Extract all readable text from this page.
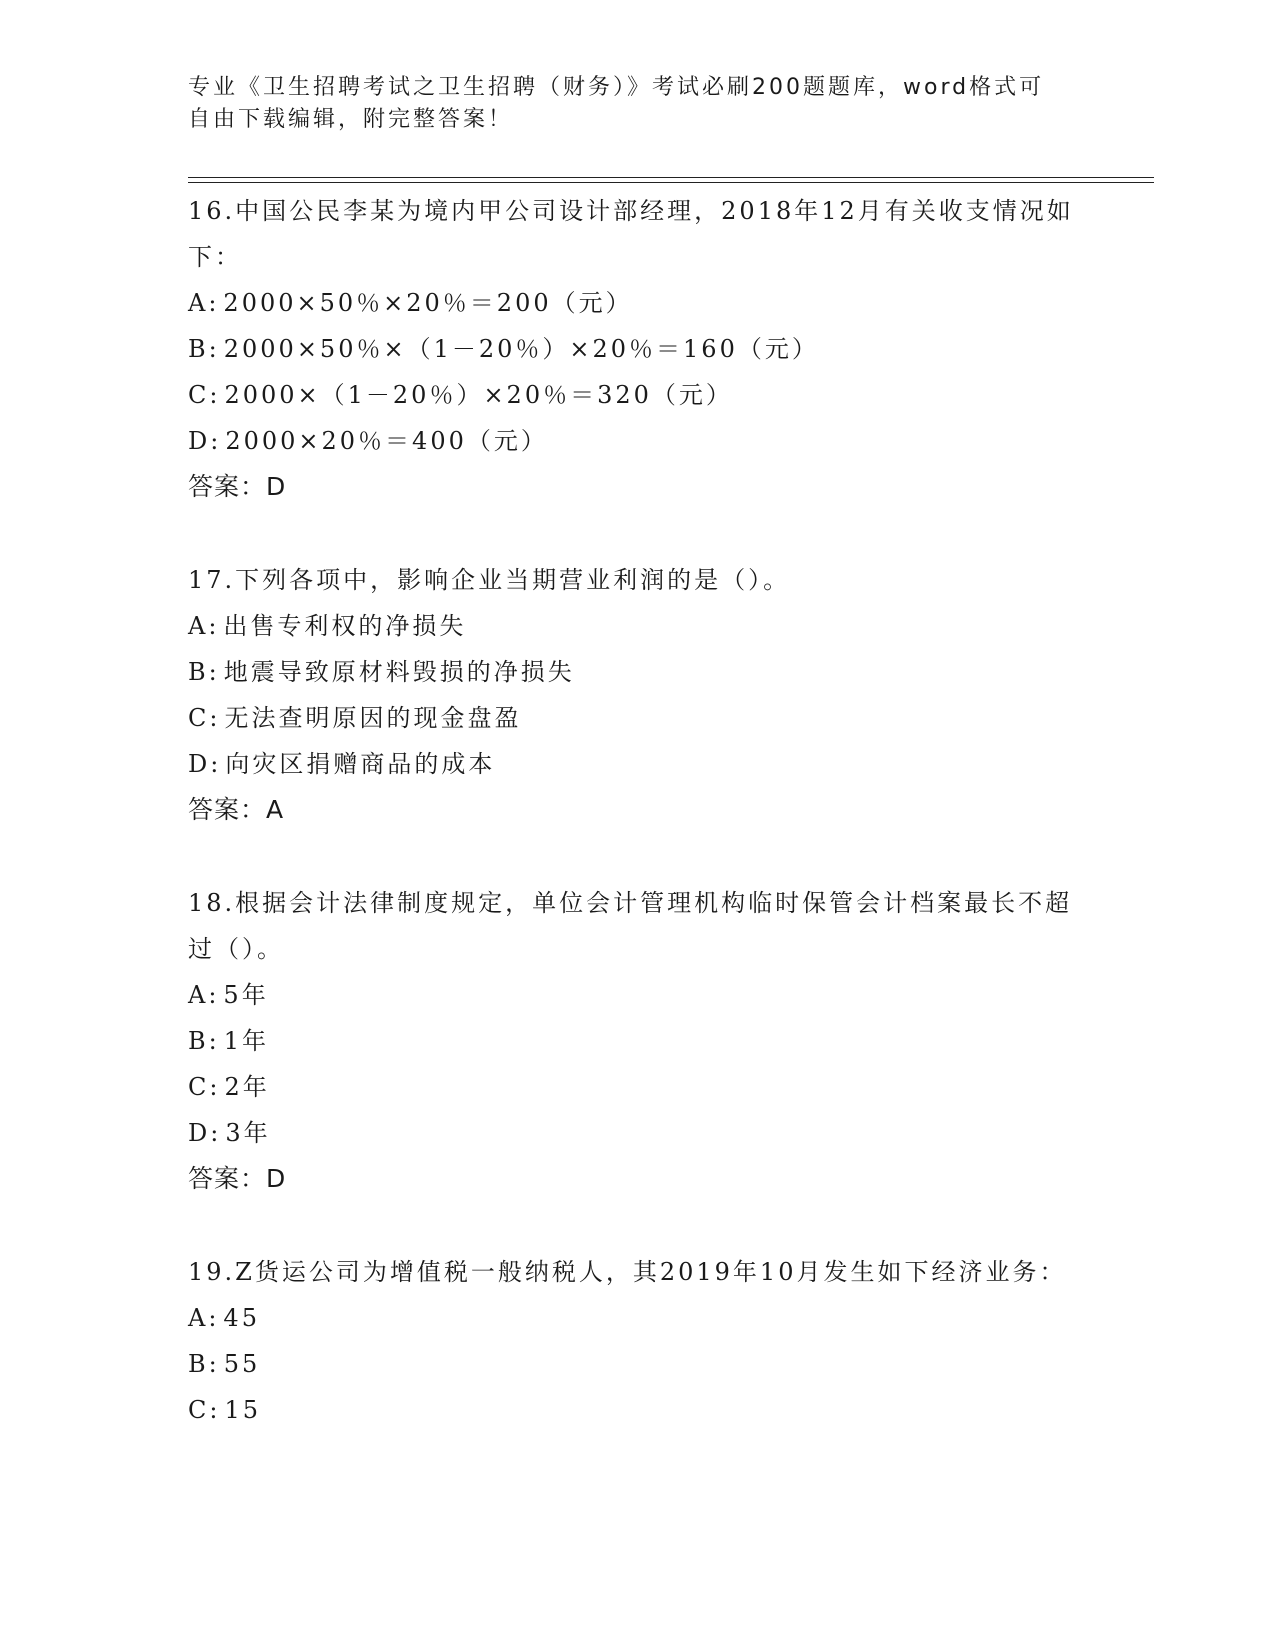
专业《卫生招聘考试之卫生招聘（财务）》考试必刷200题题库，word格式可自由下载编辑，附完整答案！

16.中国公民李某为境内甲公司设计部经理，2018年12月有关收支情况如下：

A: 2000×50％×20％＝200（元）
B: 2000×50％×（1－20％）×20％＝160（元）
C: 2000×（1－20％）×20％＝320（元）
D: 2000×20％＝400（元）
答案：D

17.下列各项中，影响企业当期营业利润的是（）。

A: 出售专利权的净损失
B: 地震导致原材料毁损的净损失
C: 无法查明原因的现金盘盈
D: 向灾区捐赠商品的成本
答案：A

18.根据会计法律制度规定，单位会计管理机构临时保管会计档案最长不超过（）。

A: 5年
B: 1年
C: 2年
D: 3年
答案：D

19.Z货运公司为增值税一般纳税人，其2019年10月发生如下经济业务：

A: 45
B: 55
C: 15
